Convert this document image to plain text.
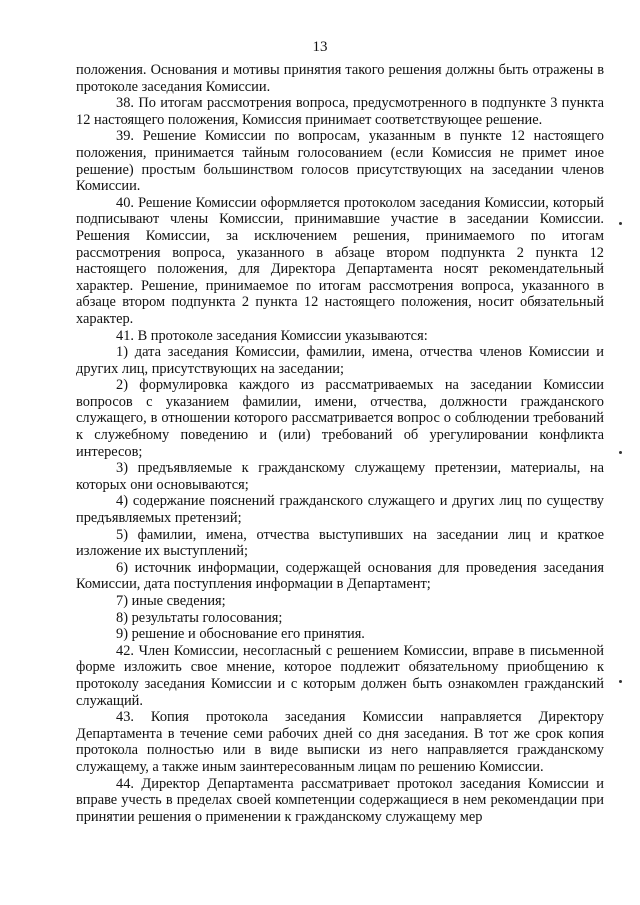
13

положения. Основания и мотивы принятия такого решения должны быть отражены в протоколе заседания Комиссии.

38. По итогам рассмотрения вопроса, предусмотренного в подпункте 3 пункта 12 настоящего положения, Комиссия принимает соответствующее решение.

39. Решение Комиссии по вопросам, указанным в пункте 12 настоящего положения, принимается тайным голосованием (если Комиссия не примет иное решение) простым большинством голосов присутствующих на заседании членов Комиссии.

40. Решение Комиссии оформляется протоколом заседания Комиссии, который подписывают члены Комиссии, принимавшие участие в заседании Комиссии. Решения Комиссии, за исключением решения, принимаемого по итогам рассмотрения вопроса, указанного в абзаце втором подпункта 2 пункта 12 настоящего положения, для Директора Департамента носят рекомендательный характер. Решение, принимаемое по итогам рассмотрения вопроса, указанного в абзаце втором подпункта 2 пункта 12 настоящего положения, носит обязательный характер.

41. В протоколе заседания Комиссии указываются:

1) дата заседания Комиссии, фамилии, имена, отчества членов Комиссии и других лиц, присутствующих на заседании;

2) формулировка каждого из рассматриваемых на заседании Комиссии вопросов с указанием фамилии, имени, отчества, должности гражданского служащего, в отношении которого рассматривается вопрос о соблюдении требований к служебному поведению и (или) требований об урегулировании конфликта интересов;

3) предъявляемые к гражданскому служащему претензии, материалы, на которых они основываются;

4) содержание пояснений гражданского служащего и других лиц по существу предъявляемых претензий;

5) фамилии, имена, отчества выступивших на заседании лиц и краткое изложение их выступлений;

6) источник информации, содержащей основания для проведения заседания Комиссии, дата поступления информации в Департамент;

7) иные сведения;

8) результаты голосования;

9) решение и обоснование его принятия.

42. Член Комиссии, несогласный с решением Комиссии, вправе в письменной форме изложить свое мнение, которое подлежит обязательному приобщению к протоколу заседания Комиссии и с которым должен быть ознакомлен гражданский служащий.

43. Копия протокола заседания Комиссии направляется Директору Департамента в течение семи рабочих дней со дня заседания. В тот же срок копия протокола полностью или в виде выписки из него направляется гражданскому служащему, а также иным заинтересованным лицам по решению Комиссии.

44. Директор Департамента рассматривает протокол заседания Комиссии и вправе учесть в пределах своей компетенции содержащиеся в нем рекомендации при принятии решения о применении к гражданскому служащему мер
